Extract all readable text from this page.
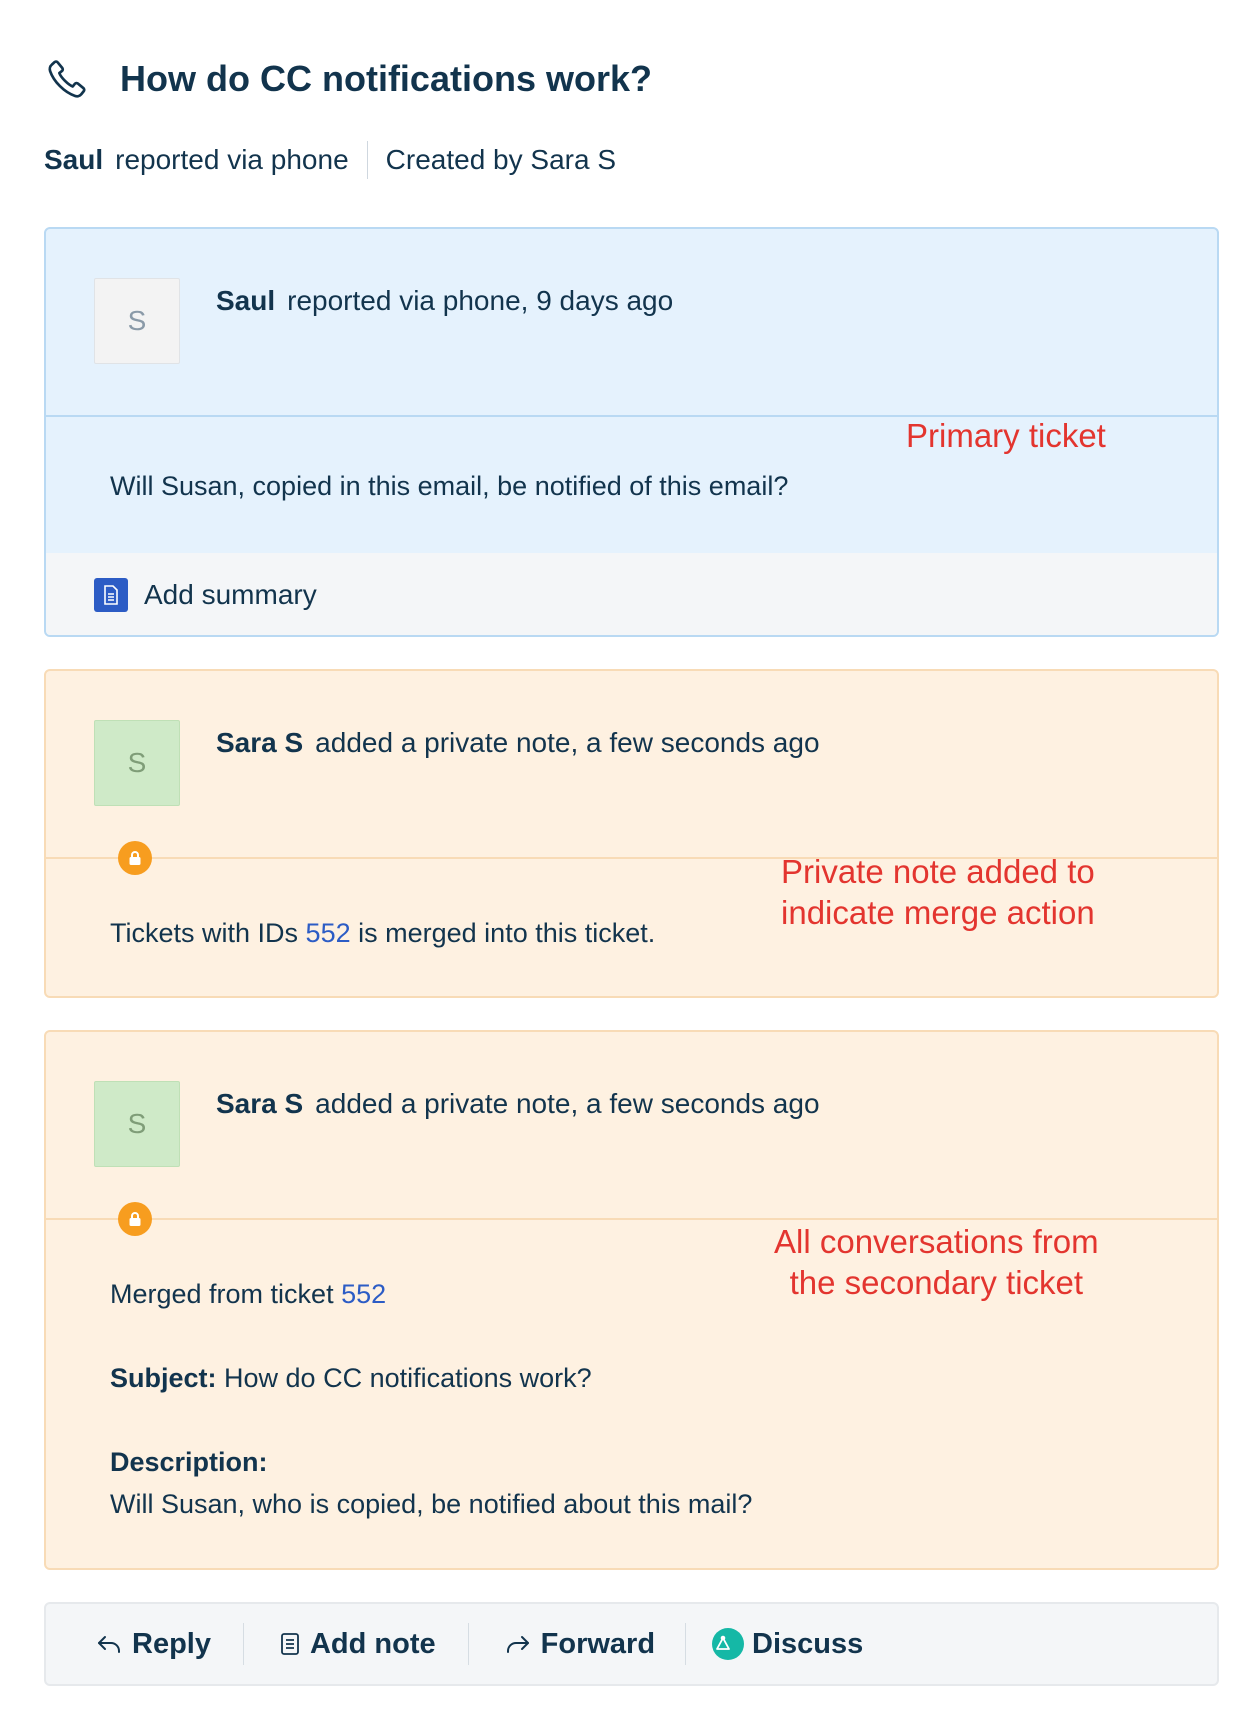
How do CC notifications work?
Saul reported via phone Created by Sara S
S
Saul reported via phone, 9 days ago
Will Susan, copied in this email, be notified of this email?
Primary ticket
Add summary
S
Sara S added a private note, a few seconds ago
Tickets with IDs 552 is merged into this ticket.
Private note added to
indicate merge action
S
Sara S added a private note, a few seconds ago
Merged from ticket 552
Subject: How do CC notifications work?
Description:
Will Susan, who is copied, be notified about this mail?
All conversations from
the secondary ticket
Reply	Add note	Forward	Discuss
